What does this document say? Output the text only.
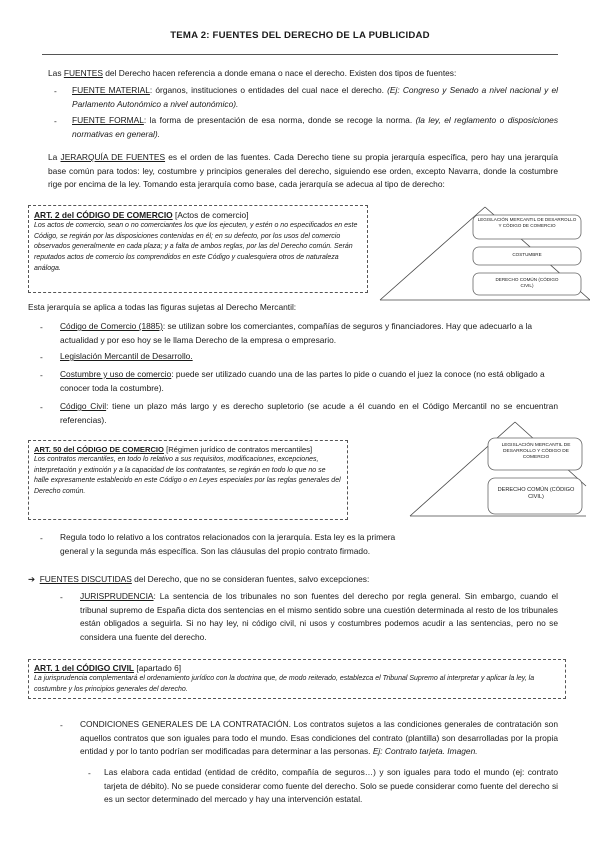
TEMA 2: FUENTES DEL DERECHO DE LA PUBLICIDAD

Las FUENTES del Derecho hacen referencia a donde emana o nace el derecho. Existen dos tipos de fuentes:

- FUENTE MATERIAL: órganos, instituciones o entidades del cual nace el derecho. (Ej: Congreso y Senado a nivel nacional y el Parlamento Autonómico a nivel autonómico).

- FUENTE FORMAL: la forma de presentación de esa norma, donde se recoge la norma. (la ley, el reglamento o disposiciones normativas en general).

La JERARQUÍA DE FUENTES es el orden de las fuentes. Cada Derecho tiene su propia jerarquía específica, pero hay una jerarquía base común para todos: ley, costumbre y principios generales del derecho, siguiendo ese orden, excepto Navarra, donde la costumbre rige por encima de la ley. Tomando esta jerarquía como base, cada jerarquía se adecua al tipo de derecho:

ART. 2 del CÓDIGO DE COMERCIO [Actos de comercio]
Los actos de comercio, sean o no comerciantes los que los ejecuten, y estén o no especificados en este Código, se regirán por las disposiciones contenidas en él; en su defecto, por los usos del comercio observados generalmente en cada plaza; y a falta de ambos reglas, por las del Derecho común. Serán reputados actos de comercio los comprendidos en este Código y cualesquiera otros de naturaleza análoga.
LEGISLACIÓN MERCANTIL DE DESARROLLO Y CÓDIGO DE COMERCIO
COSTUMBRE
DERECHO COMÚN (CÓDIGO CIVIL)

Esta jerarquía se aplica a todas las figuras sujetas al Derecho Mercantil:

- Código de Comercio (1885): se utilizan sobre los comerciantes, compañías de seguros y financiadores. Hay que adecuarlo a la actualidad y por eso hoy se le llama Derecho de la empresa o empresario.

- Legislación Mercantil de Desarrollo.

- Costumbre y uso de comercio: puede ser utilizado cuando una de las partes lo pide o cuando el juez la conoce (no está obligado a conocer toda la costumbre).

- Código Civil: tiene un plazo más largo y es derecho supletorio (se acude a él cuando en el Código Mercantil no se encuentran referencias).

ART. 50 del CÓDIGO DE COMERCIO [Régimen jurídico de contratos mercantiles]
Los contratos mercantiles, en todo lo relativo a sus requisitos, modificaciones, excepciones, interpretación y extinción y a la capacidad de los contratantes, se regirán en todo lo que no se halle expresamente establecido en este Código o en Leyes especiales por las reglas generales del Derecho común.
LEGISLACIÓN MERCANTIL DE DESARROLLO Y CÓDIGO DE COMERCIO
DERECHO COMÚN (CÓDIGO CIVIL)
- Regula todo lo relativo a los contratos relacionados con la jerarquía. Esta ley es la primera general y la segunda más específica. Son las cláusulas del propio contrato firmado.

➔ FUENTES DISCUTIDAS del Derecho, que no se consideran fuentes, salvo excepciones:

- JURISPRUDENCIA: La sentencia de los tribunales no son fuentes del derecho por regla general. Sin embargo, cuando el tribunal supremo de España dicta dos sentencias en el mismo sentido sobre una cuestión determinada al resto de los tribunales están obligados a seguirla. Si no hay ley, ni código civil, ni usos y costumbres podemos acudir a las sentencias, pero no se considera una fuente del derecho.

ART. 1 del CÓDIGO CIVIL [apartado 6]
La jurisprudencia complementará el ordenamiento jurídico con la doctrina que, de modo reiterado, establezca el Tribunal Supremo al interpretar y aplicar la ley, la costumbre y los principios generales del derecho.
- CONDICIONES GENERALES DE LA CONTRATACIÓN. Los contratos sujetos a las condiciones generales de contratación son aquellos contratos que son iguales para todo el mundo. Esas condiciones del contrato (plantilla) son desarrolladas por la propia entidad y por lo tanto podrían ser modificadas para determinar a las personas. Ej: Contrato tarjeta. Imagen.

- Las elabora cada entidad (entidad de crédito, compañía de seguros…) y son iguales para todo el mundo (ej: contrato tarjeta de débito). No se puede considerar como fuente del derecho. Solo se puede considerar como fuente del derecho si es un sector determinado del mercado y hay una intervención estatal.
